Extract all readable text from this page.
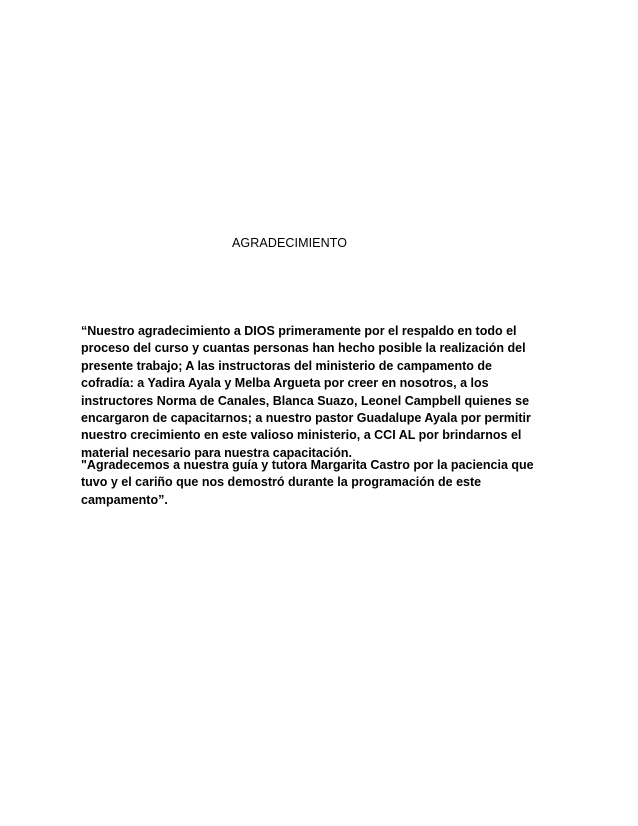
AGRADECIMIENTO

“Nuestro agradecimiento a DIOS primeramente por el respaldo en todo el
proceso del curso y cuantas personas han hecho posible la realización del
presente trabajo; A las instructoras del ministerio de campamento de
cofradía: a Yadira Ayala y Melba Argueta por creer en nosotros, a los
instructores Norma de Canales, Blanca Suazo, Leonel Campbell quienes se
encargaron de capacitarnos; a nuestro pastor Guadalupe Ayala por permitir
nuestro crecimiento en este valioso ministerio, a CCI AL por brindarnos el
material necesario para nuestra capacitación.

"Agradecemos a nuestra guía y tutora Margarita Castro por la paciencia que
tuvo y el cariño que nos demostró durante la programación de este
campamento”.
